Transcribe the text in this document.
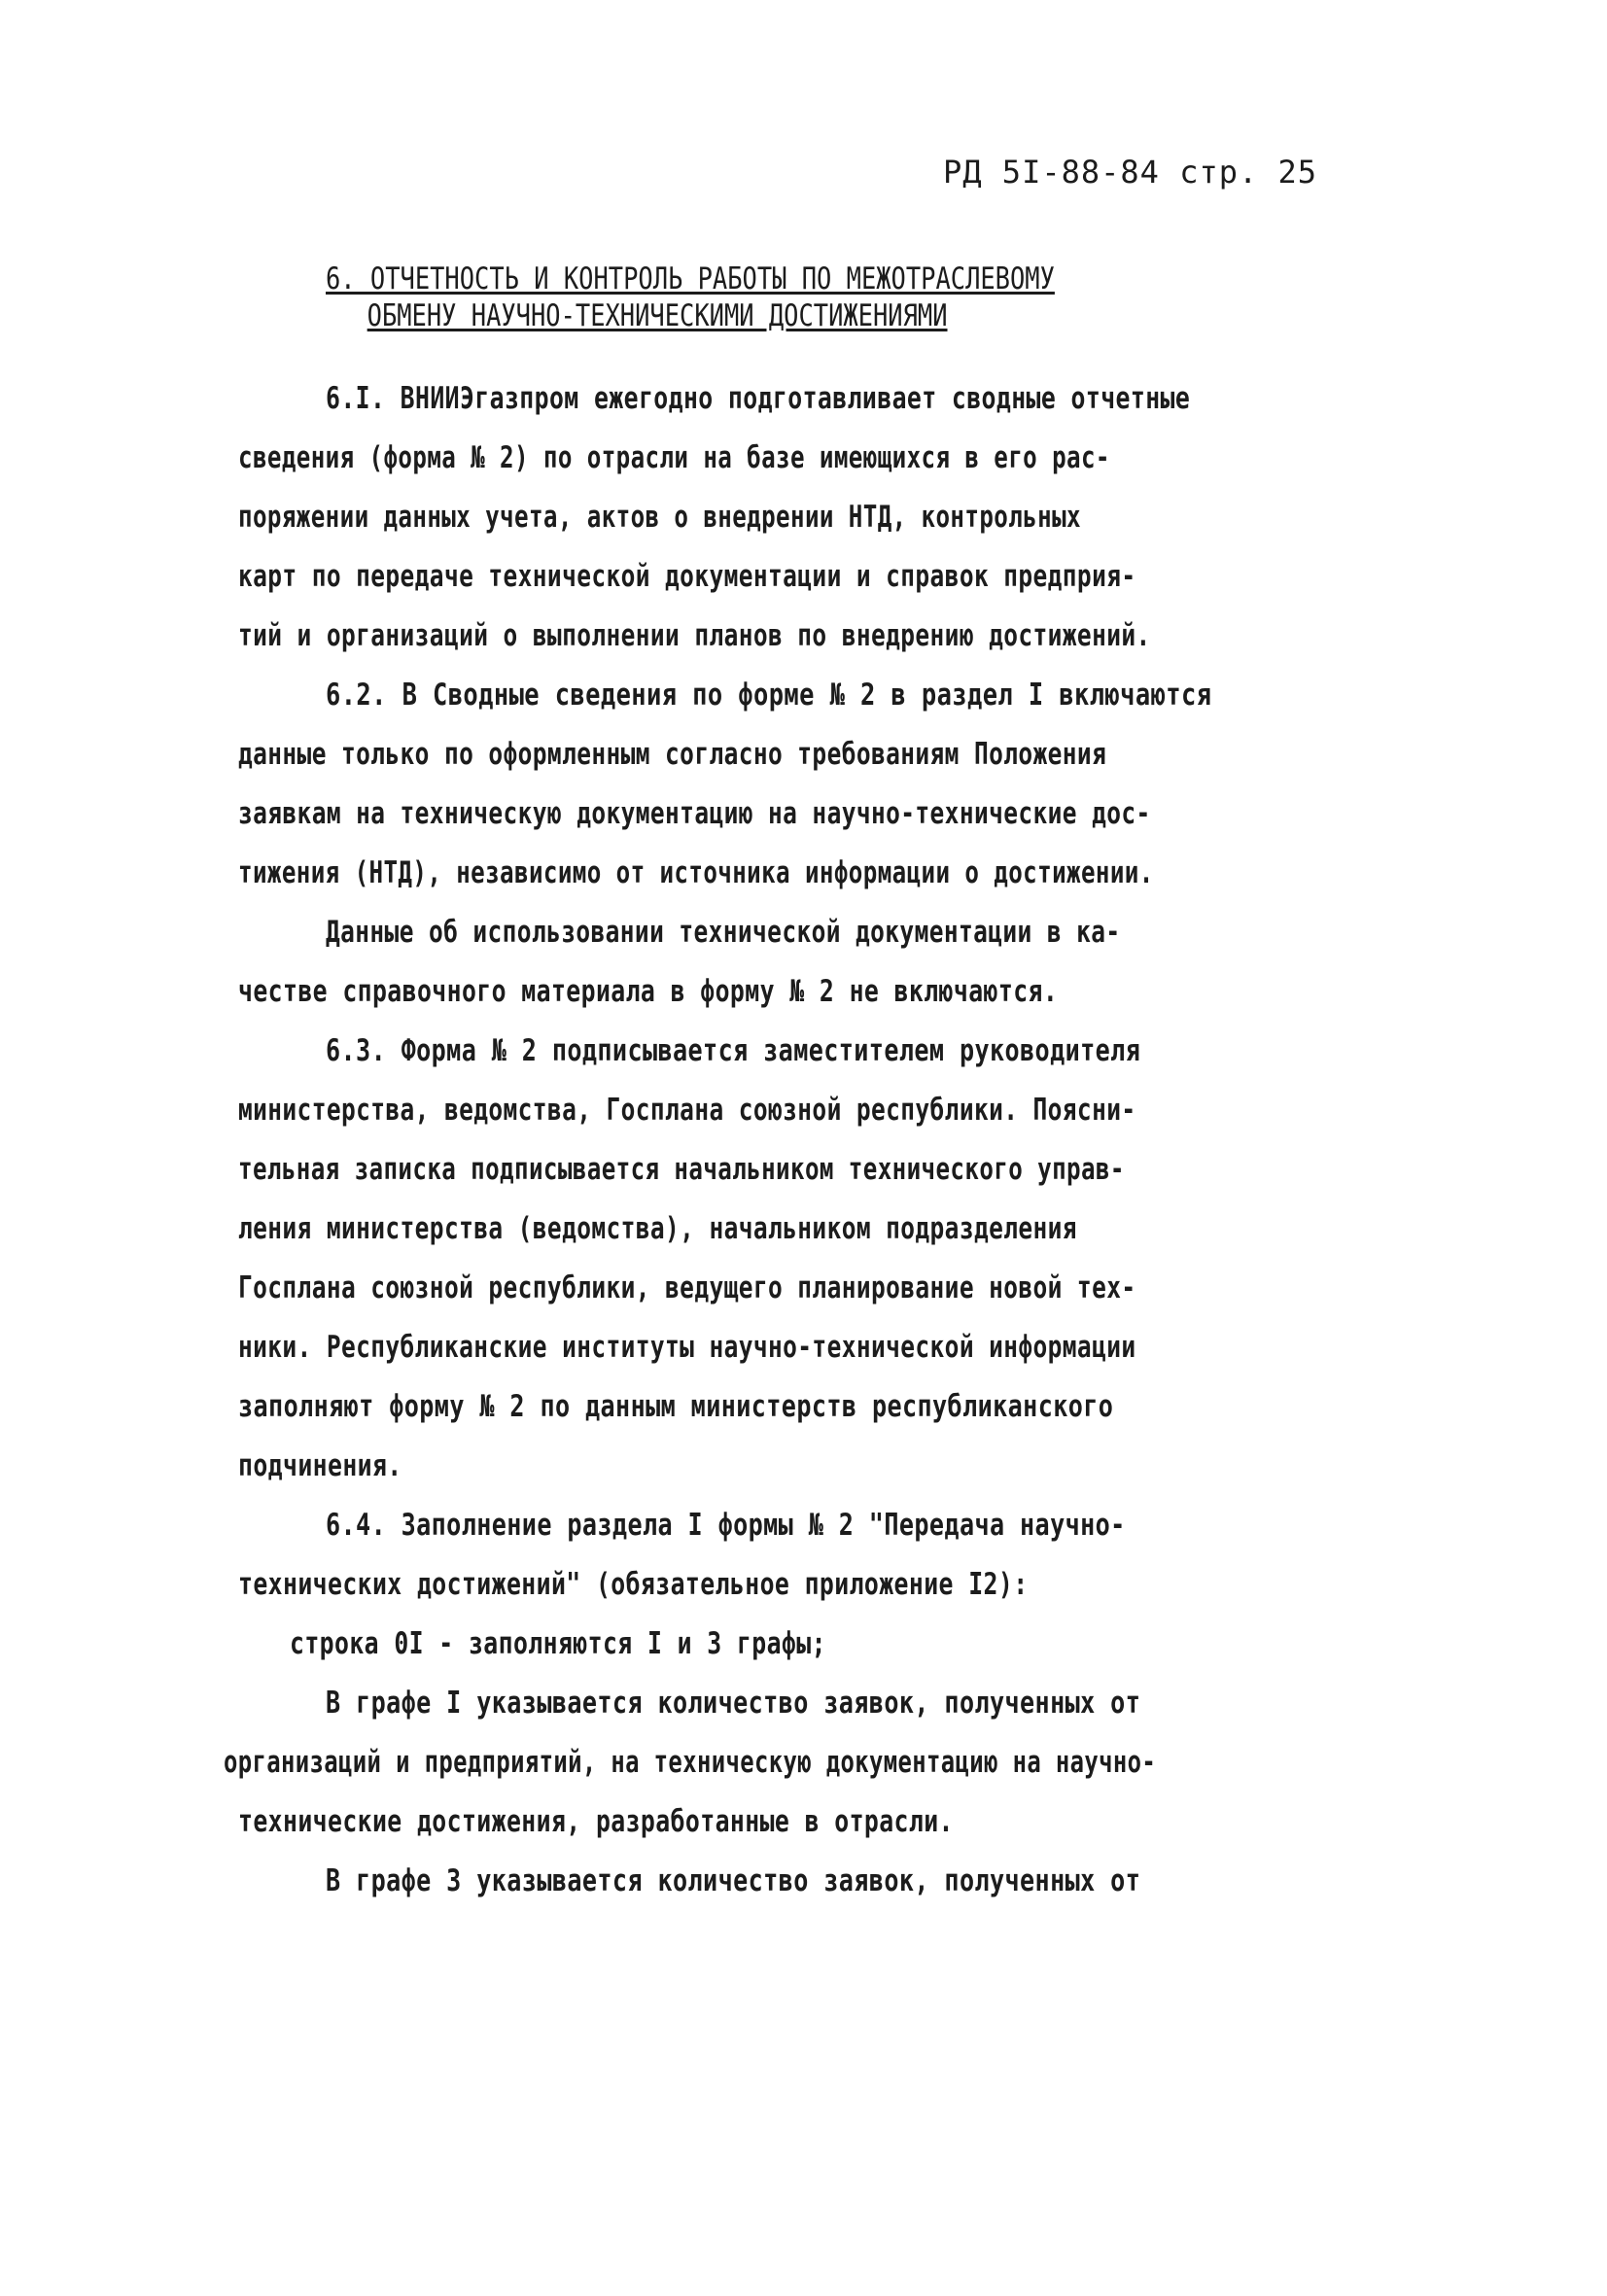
РД 5I-88-84 стр. 25
6. ОТЧЕТНОСТЬ И КОНТРОЛЬ РАБОТЫ ПО МЕЖОТРАСЛЕВОМУ
ОБМЕНУ НАУЧНО-ТЕХНИЧЕСКИМИ ДОСТИЖЕНИЯМИ
6.I. ВНИИЭгазпром ежегодно подготавливает сводные отчетные
сведения (форма № 2) по отрасли на базе имеющихся в его рас-
поряжении данных учета, актов о внедрении НТД, контрольных
карт по передаче технической документации и справок предприя-
тий и организаций о выполнении планов по внедрению достижений.
6.2. В Сводные сведения по форме № 2 в раздел I включаются
данные только по оформленным согласно требованиям Положения
заявкам на техническую документацию на научно-технические дос-
тижения (НТД), независимо от источника информации о достижении.
Данные об использовании технической документации в ка-
честве справочного материала в форму № 2 не включаются.
6.3. Форма № 2 подписывается заместителем руководителя
министерства, ведомства, Госплана союзной республики. Поясни-
тельная записка подписывается начальником технического управ-
ления министерства (ведомства), начальником подразделения
Госплана союзной республики, ведущего планирование новой тех-
ники. Республиканские институты научно-технической информации
заполняют форму № 2 по данным министерств республиканского
подчинения.
6.4. Заполнение раздела I формы № 2 "Передача научно-
технических достижений" (обязательное приложение I2):
строка 0I - заполняются I и 3 графы;
В графе I указывается количество заявок, полученных от
организаций и предприятий, на техническую документацию на научно-
технические достижения, разработанные в отрасли.
В графе 3 указывается количество заявок, полученных от
